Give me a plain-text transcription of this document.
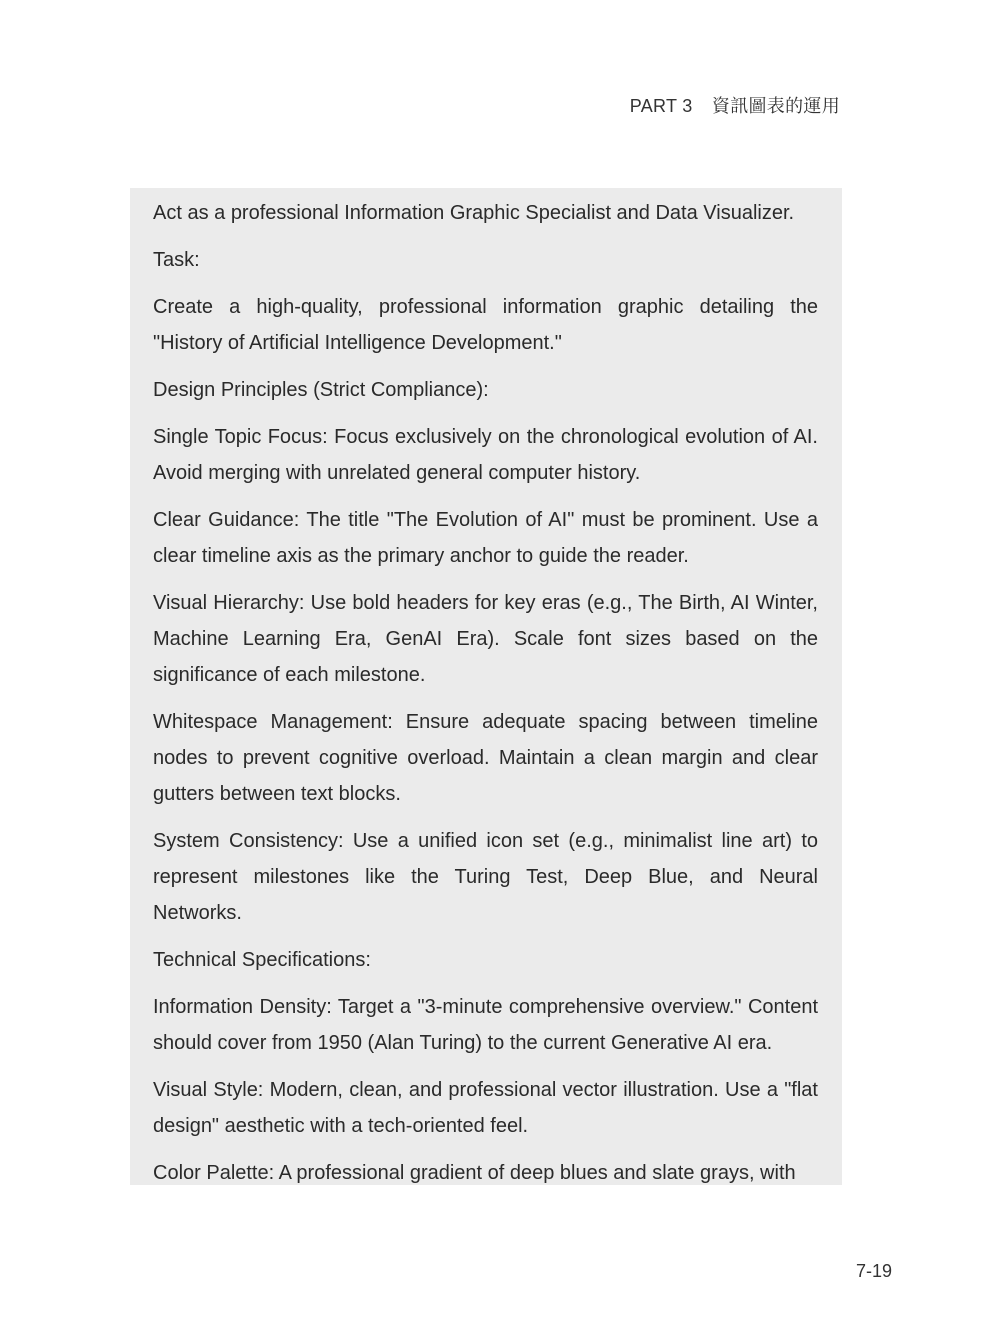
PART 3 資訊圖表的運用

Act as a professional Information Graphic Specialist and Data Visualizer.

Task:

Create a high-quality, professional information graphic detailing the "History of Artificial Intelligence Development."

Design Principles (Strict Compliance):

Single Topic Focus: Focus exclusively on the chronological evolution of AI. Avoid merging with unrelated general computer history.

Clear Guidance: The title "The Evolution of AI" must be prominent. Use a clear timeline axis as the primary anchor to guide the reader.

Visual Hierarchy: Use bold headers for key eras (e.g., The Birth, AI Winter, Machine Learning Era, GenAI Era). Scale font sizes based on the significance of each milestone.

Whitespace Management: Ensure adequate spacing between timeline nodes to prevent cognitive overload. Maintain a clean margin and clear gutters between text blocks.

System Consistency: Use a unified icon set (e.g., minimalist line art) to represent milestones like the Turing Test, Deep Blue, and Neural Networks.

Technical Specifications:

Information Density: Target a "3-minute comprehensive overview." Content should cover from 1950 (Alan Turing) to the current Generative AI era.

Visual Style: Modern, clean, and professional vector illustration. Use a "flat design" aesthetic with a tech-oriented feel.

Color Palette: A professional gradient of deep blues and slate grays, with

7-19
